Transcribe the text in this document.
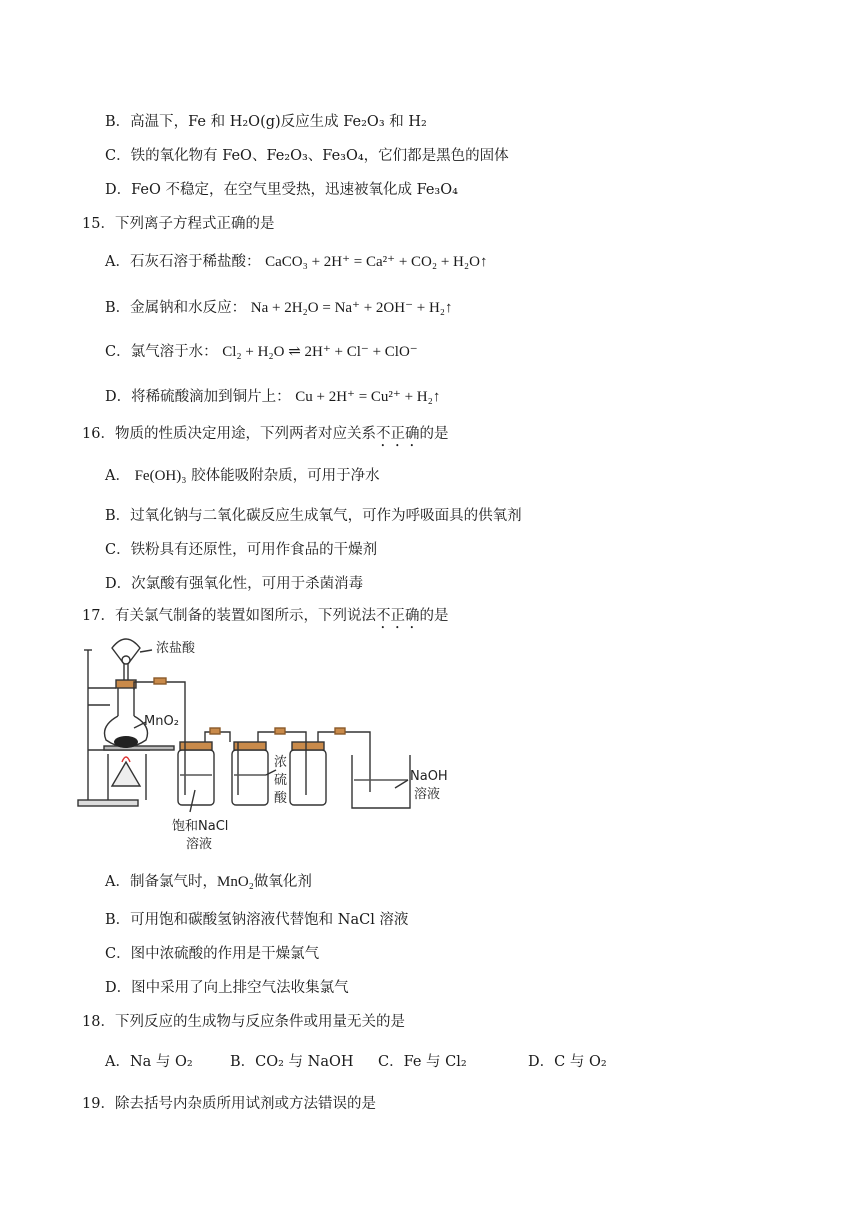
B．高温下，Fe 和 H₂O(g)反应生成 Fe₂O₃ 和 H₂
C．铁的氧化物有 FeO、Fe₂O₃、Fe₃O₄，它们都是黑色的固体
D．FeO 不稳定，在空气里受热，迅速被氧化成 Fe₃O₄
15．下列离子方程式正确的是
A．石灰石溶于稀盐酸： CaCO₃ + 2H⁺ = Ca²⁺ + CO₂ + H₂O↑
B．金属钠和水反应： Na + 2H₂O = Na⁺ + 2OH⁻ + H₂↑
C．氯气溶于水： Cl₂ + H₂O ⇌ 2H⁺ + Cl⁻ + ClO⁻
D．将稀硫酸滴加到铜片上： Cu + 2H⁺ = Cu²⁺ + H₂↑
16．物质的性质决定用途，下列两者对应关系不正确的是
A． Fe(OH)₃ 胶体能吸附杂质，可用于净水
B．过氧化钠与二氧化碳反应生成氧气，可作为呼吸面具的供氧剂
C．铁粉具有还原性，可用作食品的干燥剂
D．次氯酸有强氧化性，可用于杀菌消毒
17．有关氯气制备的装置如图所示，下列说法不正确的是
浓盐酸
MnO₂
浓
硫
酸
NaOH
溶液
饱和NaCl
溶液
A．制备氯气时，MnO₂做氧化剂
B．可用饱和碳酸氢钠溶液代替饱和 NaCl 溶液
C．图中浓硫酸的作用是干燥氯气
D．图中采用了向上排空气法收集氯气
18．下列反应的生成物与反应条件或用量无关的是
A．Na 与 O₂	B．CO₂ 与 NaOH C．Fe 与 Cl₂	D．C 与 O₂
19．除去括号内杂质所用试剂或方法错误的是
